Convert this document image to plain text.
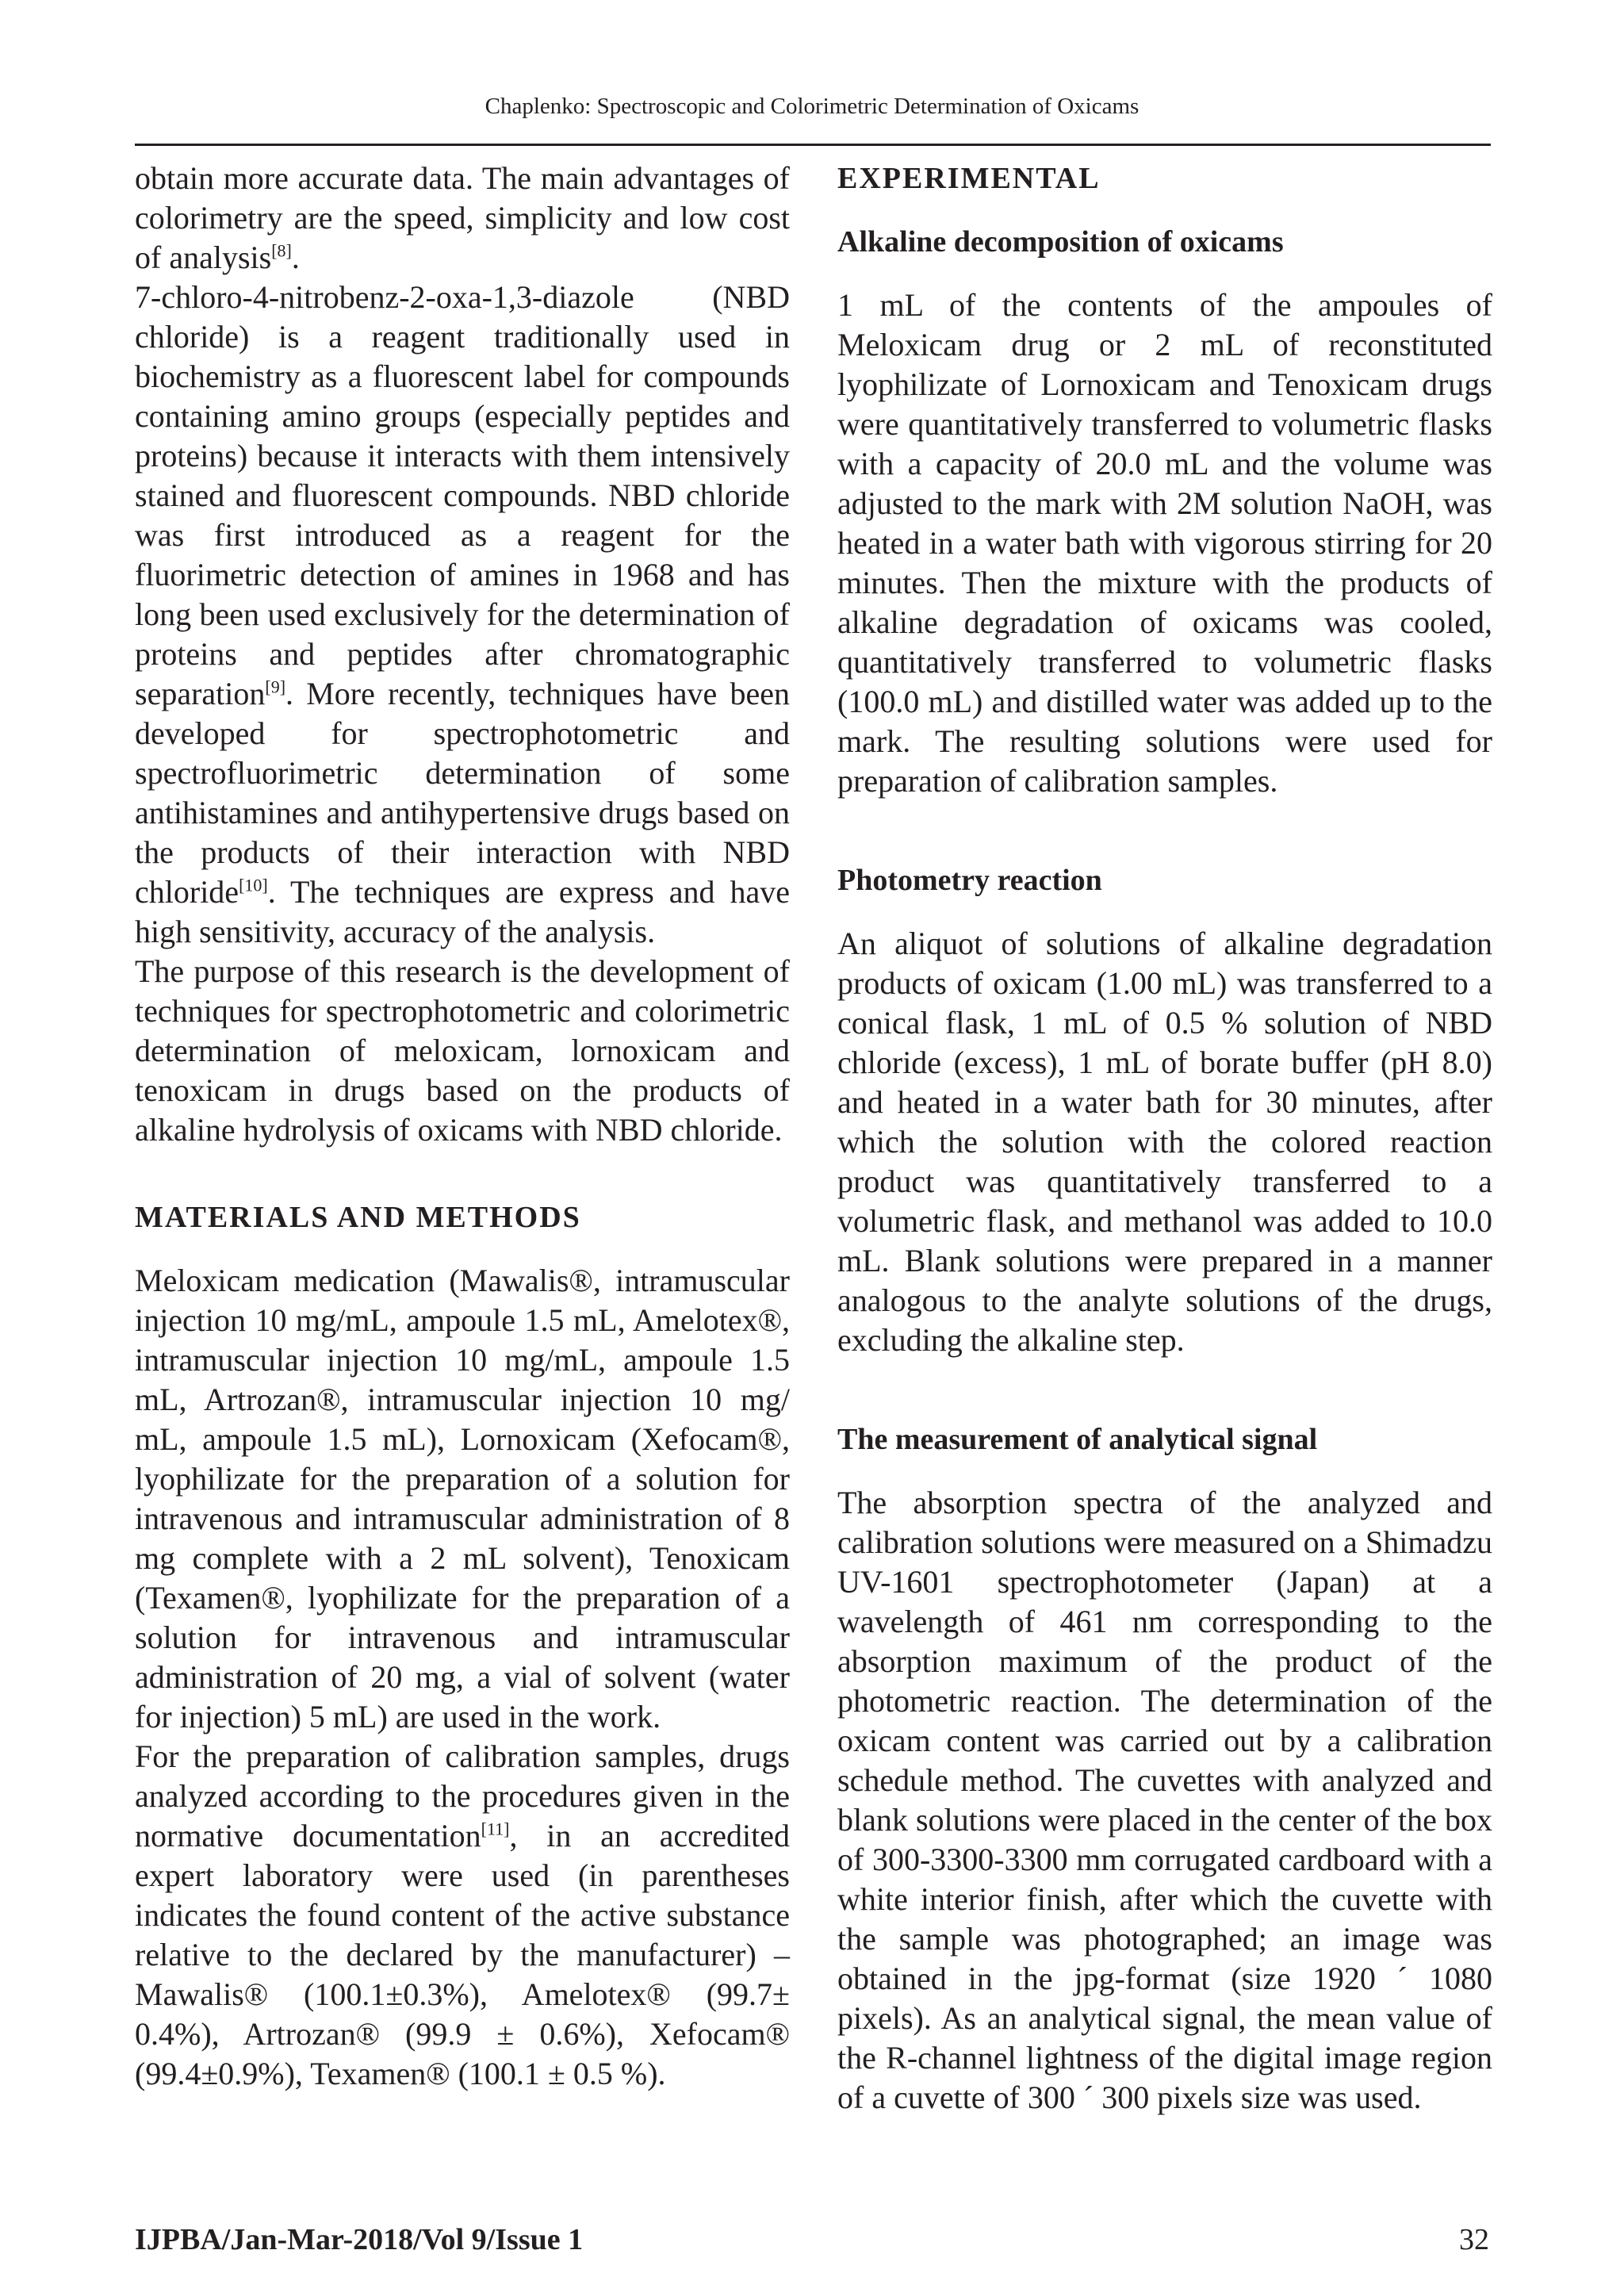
Chaplenko: Spectroscopic and Colorimetric Determination of Oxicams

obtain more accurate data. The main advantages of colorimetry are the speed, simplicity and low cost of analysis[8].

7-chloro-4-nitrobenz-2-oxa-1,3-diazole (NBD chloride) is a reagent traditionally used in biochemistry as a fluorescent label for compounds containing amino groups (especially peptides and proteins) because it interacts with them intensively stained and fluorescent compounds. NBD chloride was first introduced as a reagent for the fluorimetric detection of amines in 1968 and has long been used exclusively for the determination of proteins and peptides after chromatographic separation[9]. More recently, techniques have been developed for spectrophotometric and spectrofluorimetric determination of some antihistamines and antihypertensive drugs based on the products of their interaction with NBD chloride[10]. The techniques are express and have high sensitivity, accuracy of the analysis.

The purpose of this research is the development of techniques for spectrophotometric and colorimetric determination of meloxicam, lornoxicam and tenoxicam in drugs based on the products of alkaline hydrolysis of oxicams with NBD chloride.

MATERIALS AND METHODS

Meloxicam medication (Mawalis®, intramuscular injection 10 mg/mL, ampoule 1.5 mL, Amelotex®, intramuscular injection 10 mg/mL, ampoule 1.5 mL, Artrozan®, intramuscular injection 10 mg/ mL, ampoule 1.5 mL), Lornoxicam (Xefocam®, lyophilizate for the preparation of a solution for intravenous and intramuscular administration of 8 mg complete with a 2 mL solvent), Tenoxicam (Texamen®, lyophilizate for the preparation of a solution for intravenous and intramuscular administration of 20 mg, a vial of solvent (water for injection) 5 mL) are used in the work.

For the preparation of calibration samples, drugs analyzed according to the procedures given in the normative documentation[11], in an accredited expert laboratory were used (in parentheses indicates the found content of the active substance relative to the declared by the manufacturer) – Mawalis® (100.1±0.3%), Amelotex® (99.7± 0.4%), Artrozan® (99.9 ± 0.6%), Xefocam® (99.4±0.9%), Texamen® (100.1 ± 0.5 %).

EXPERIMENTAL

Alkaline decomposition of oxicams

1 mL of the contents of the ampoules of Meloxicam drug or 2 mL of reconstituted lyophilizate of Lornoxicam and Tenoxicam drugs were quantitatively transferred to volumetric flasks with a capacity of 20.0 mL and the volume was adjusted to the mark with 2M solution NaOH, was heated in a water bath with vigorous stirring for 20 minutes. Then the mixture with the products of alkaline degradation of oxicams was cooled, quantitatively transferred to volumetric flasks (100.0 mL) and distilled water was added up to the mark. The resulting solutions were used for preparation of calibration samples.

Photometry reaction

An aliquot of solutions of alkaline degradation products of oxicam (1.00 mL) was transferred to a conical flask, 1 mL of 0.5 % solution of NBD chloride (excess), 1 mL of borate buffer (pH 8.0) and heated in a water bath for 30 minutes, after which the solution with the colored reaction product was quantitatively transferred to a volumetric flask, and methanol was added to 10.0 mL. Blank solutions were prepared in a manner analogous to the analyte solutions of the drugs, excluding the alkaline step.

The measurement of analytical signal

The absorption spectra of the analyzed and calibration solutions were measured on a Shimadzu UV-1601 spectrophotometer (Japan) at a wavelength of 461 nm corresponding to the absorption maximum of the product of the photometric reaction. The determination of the oxicam content was carried out by a calibration schedule method. The cuvettes with analyzed and blank solutions were placed in the center of the box of 300-3300-3300 mm corrugated cardboard with a white interior finish, after which the cuvette with the sample was photographed; an image was obtained in the jpg-format (size 1920 ´ 1080 pixels). As an analytical signal, the mean value of the R-channel lightness of the digital image region of a cuvette of 300 ´ 300 pixels size was used.

IJPBA/Jan-Mar-2018/Vol 9/Issue 1	32
